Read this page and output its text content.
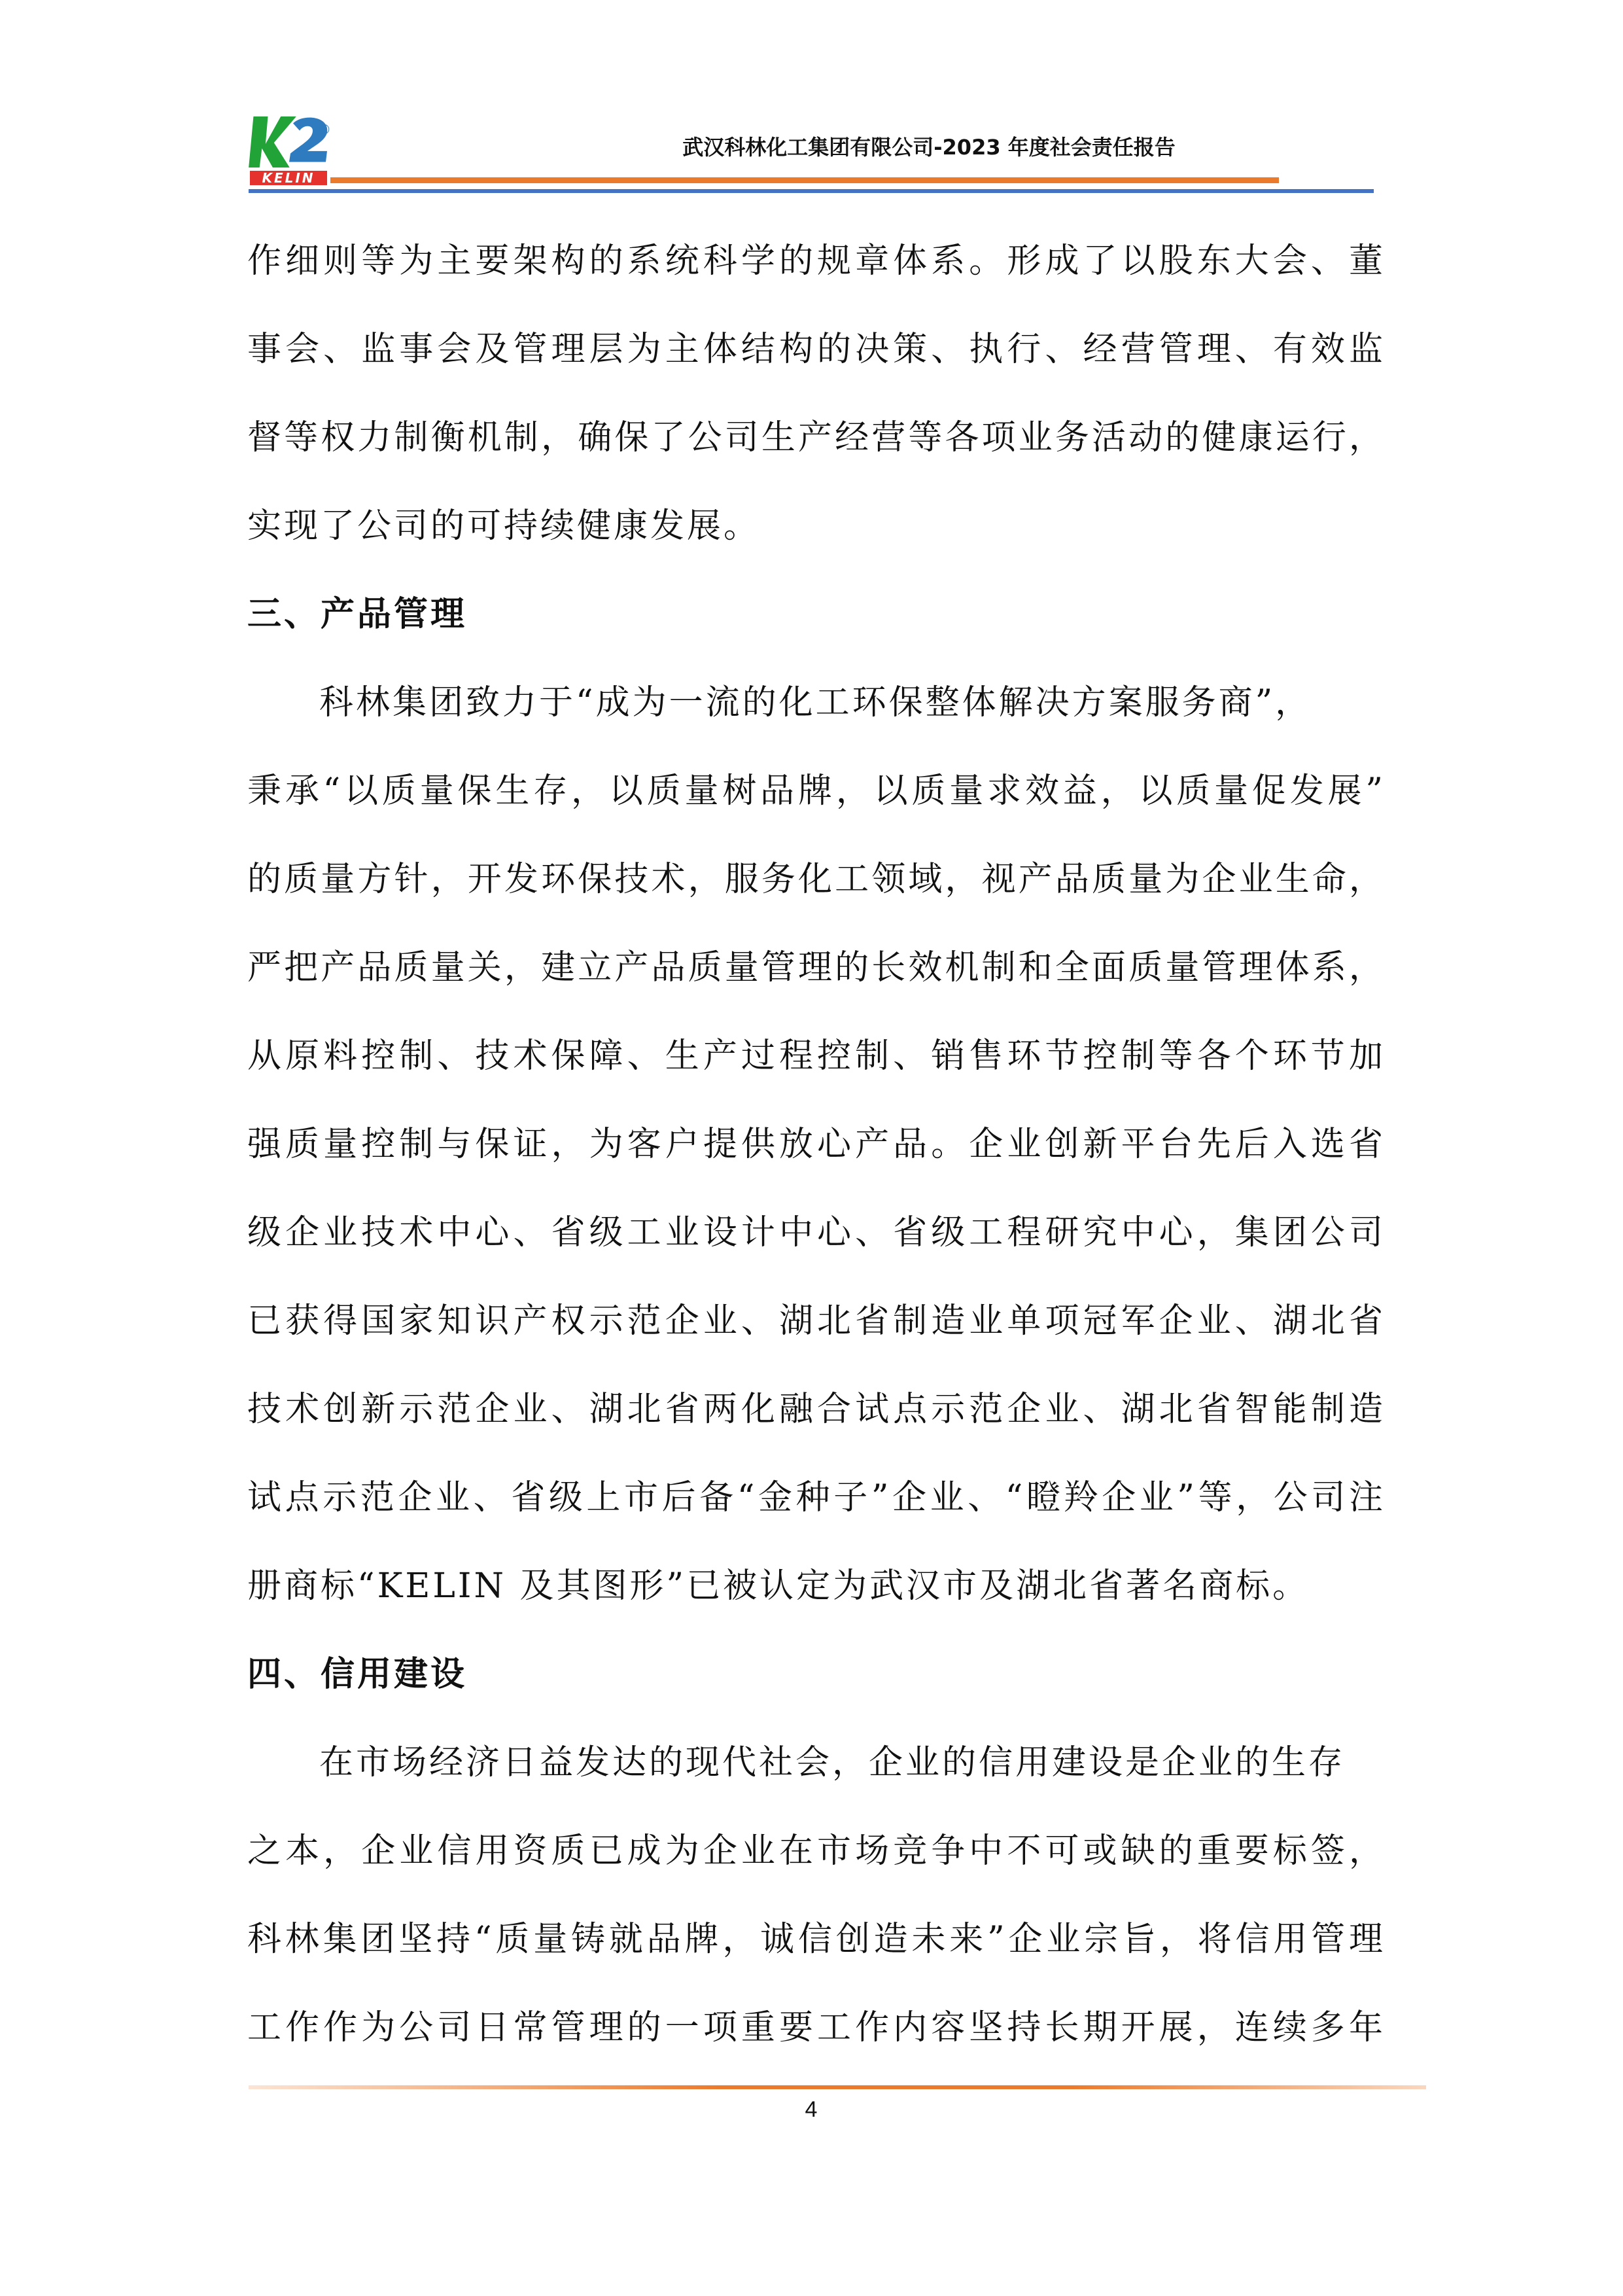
®
KELIN
武汉科林化工集团有限公司-2023 年度社会责任报告
作细则等为主要架构的系统科学的规章体系。形成了以股东大会、董
事会、监事会及管理层为主体结构的决策、执行、经营管理、有效监
督等权力制衡机制，确保了公司生产经营等各项业务活动的健康运行，
实现了公司的可持续健康发展。
三、产品管理
科林集团致力于“成为一流的化工环保整体解决方案服务商”，
秉承“以质量保生存，以质量树品牌，以质量求效益，以质量促发展”
的质量方针，开发环保技术，服务化工领域，视产品质量为企业生命，
严把产品质量关，建立产品质量管理的长效机制和全面质量管理体系，
从原料控制、技术保障、生产过程控制、销售环节控制等各个环节加
强质量控制与保证，为客户提供放心产品。企业创新平台先后入选省
级企业技术中心、省级工业设计中心、省级工程研究中心，集团公司
已获得国家知识产权示范企业、湖北省制造业单项冠军企业、湖北省
技术创新示范企业、湖北省两化融合试点示范企业、湖北省智能制造
试点示范企业、省级上市后备“金种子”企业、“瞪羚企业”等，公司注
册商标“KELIN 及其图形”已被认定为武汉市及湖北省著名商标。
四、信用建设
在市场经济日益发达的现代社会，企业的信用建设是企业的生存
之本，企业信用资质已成为企业在市场竞争中不可或缺的重要标签，
科林集团坚持“质量铸就品牌，诚信创造未来”企业宗旨，将信用管理
工作作为公司日常管理的一项重要工作内容坚持长期开展，连续多年
4
